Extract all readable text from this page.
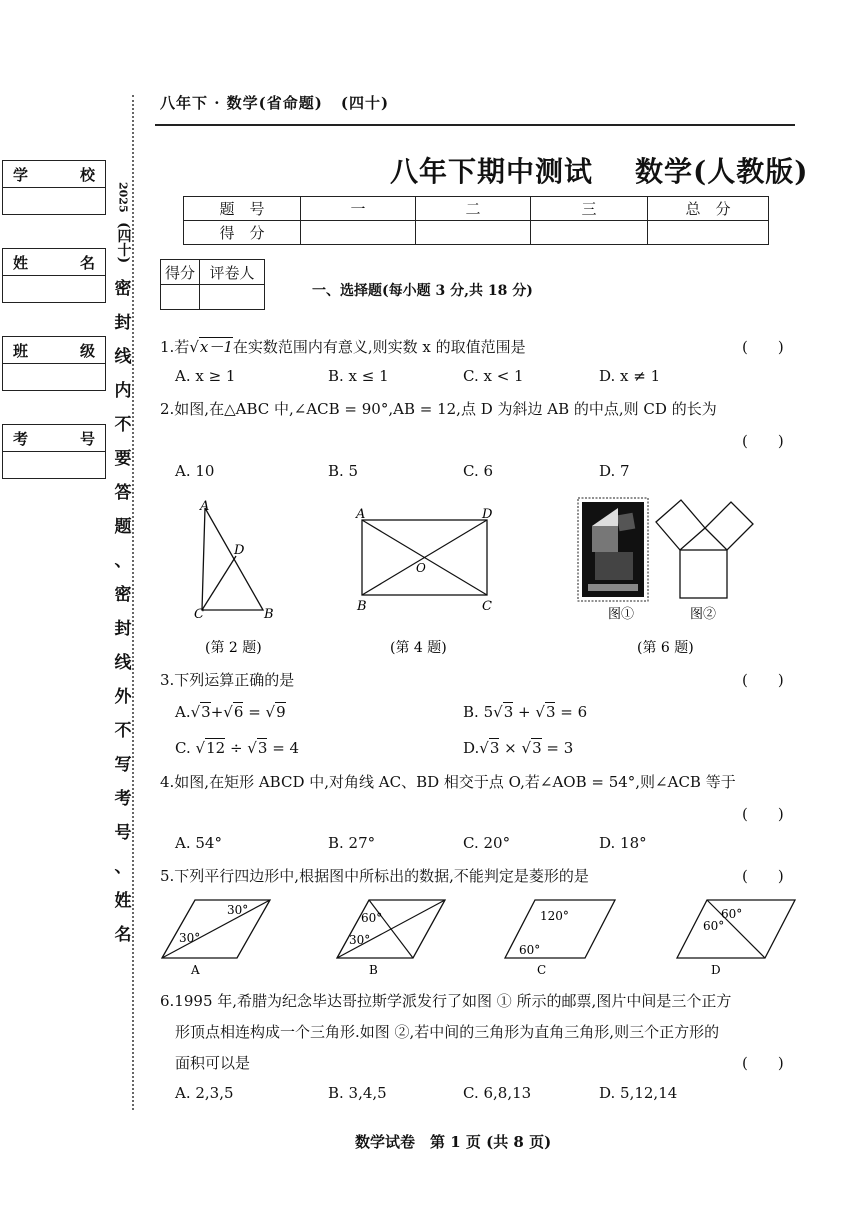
八年下 · 数学(省命题) (四十)
学	校
姓	名
班	级
考	号
2025
(四十)
密
封
线
内
不
要
答
题
、
密
封
线
外
不
写
考
号
、
姓
名
八年下期中测试 数学(人教版)
题　号	一	二	三	总　分
得　分				
得分	评卷人

一、选择题(每小题 3 分,共 18 分)
1.若√x－1在实数范围内有意义,则实数 x 的取值范围是	(　　)
A. x ≥ 1	B. x ≤ 1	C. x < 1	D. x ≠ 1
2.如图,在△ABC 中,∠ACB = 90°,AB = 12,点 D 为斜边 AB 的中点,则 CD 的长为
(　　)
A. 10	B. 5	C. 6	D. 7
A
D
C	B
A	D
O
B	C
图①	图②
(第 2 题)	(第 4 题)	(第 6 题)
3.下列运算正确的是	(　　)
A.√3+√6 = √9	B. 5√3 + √3 = 6
C. √12 ÷ √3 = 4	D.√3 × √3 = 3
4.如图,在矩形 ABCD 中,对角线 AC、BD 相交于点 O,若∠AOB = 54°,则∠ACB 等于
(　　)
A. 54°	B. 27°	C. 20°	D. 18°
5.下列平行四边形中,根据图中所标出的数据,不能判定是菱形的是	(　　)
30°
30°
A
60°
30°
B
120°
60°
C
60°
60°
D
6.1995 年,希腊为纪念毕达哥拉斯学派发行了如图 ① 所示的邮票,图片中间是三个正方
形顶点相连构成一个三角形.如图 ②,若中间的三角形为直角三角形,则三个正方形的
面积可以是	(　　)
A. 2,3,5	B. 3,4,5	C. 6,8,13	D. 5,12,14
数学试卷　第 1 页 (共 8 页)
